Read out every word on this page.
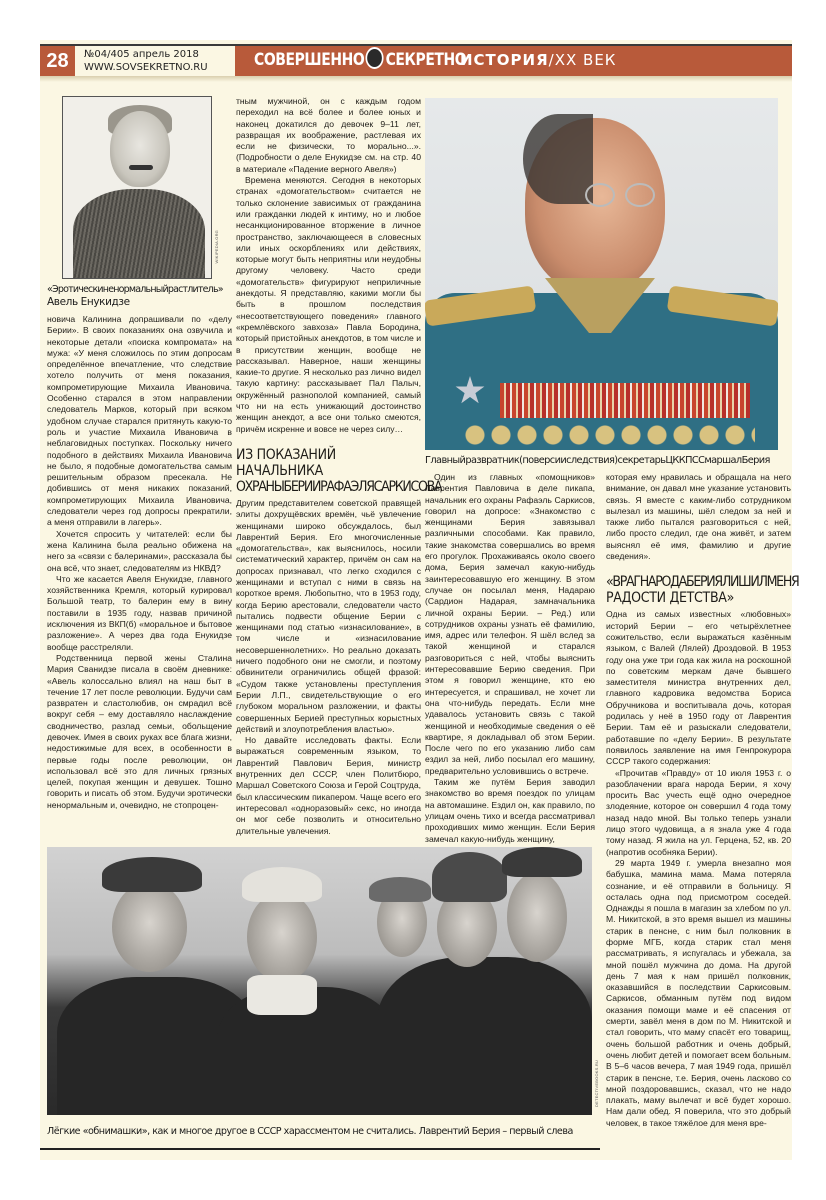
28	№04/405 апрель 2018
WWW.SOVSEKRETNO.RU	СОВЕРШЕННО СЕКРЕТНО
ИСТОРИЯ/XX ВЕК
WIKIPEDIA.ORG
«Эротическиненормальныйрастлитель»
Авель Енукидзе

новича Калинина допрашивали по «делу Берии». В своих показаниях она озвучила и некоторые детали «поиска компромата» на мужа: «У меня сложилось по этим допросам определённое впечатление, что следствие хотело получить от меня показания, компрометирующие Михаила Ивановича. Особенно старался в этом направлении следователь Марков, который при всяком удобном случае старался притянуть какую-то роль и участие Михаила Ивановича в неблаговидных поступках. Поскольку ничего подобного в действиях Михаила Ивановича не было, я подобные домогательства самым решительным образом пресекала. Не добившись от меня никаких показаний, компрометирующих Михаила Ивановича, следователи через год допросы прекратили, а меня отправили в лагерь».

Хочется спросить у читателей: если бы жена Калинина была реально обижена на него за «связи с балеринами», рассказала бы она всё, что знает, следователям из НКВД?

Что же касается Авеля Енукидзе, главного хозяйственника Кремля, который курировал Большой театр, то балерин ему в вину поставили в 1935 году, назвав причиной исключения из ВКП(б) «моральное и бытовое разложение». А через два года Енукидзе вообще расстреляли.

Родственница первой жены Сталина Мария Сванидзе писала в своём дневнике: «Авель колоссально влиял на наш быт в течение 17 лет после революции. Будучи сам развратен и сластолюбив, он смрадил всё вокруг себя – ему доставляло наслаждение сводничество, разлад семьи, обольщение девочек. Имея в своих руках все блага жизни, недостижимые для всех, в особенности в первые годы после революции, он использовал всё это для личных грязных целей, покупая женщин и девушек. Тошно говорить и писать об этом. Будучи эротически ненормальным и, очевидно, не стопроцен-

тным мужчиной, он с каждым годом переходил на всё более и более юных и наконец докатился до девочек 9–11 лет, развращая их воображение, растлевая их если не физически, то морально...». (Подробности о деле Енукидзе см. на стр. 40 в материале «Падение верного Авеля»)

Времена меняются. Сегодня в некоторых странах «домогательством» считается не только склонение зависимых от гражданина или гражданки людей к интиму, но и любое несанкционированное вторжение в личное пространство, заключающееся в словесных или иных оскорблениях или действиях, которые могут быть неприятны или неудобны другому человеку. Часто среди «домогательств» фигурируют неприличные анекдоты. Я представляю, какими могли бы быть в прошлом последствия «несоответствующего поведения» главного «кремлёвского завхоза» Павла Бородина, который пристойных анекдотов, в том числе и в присутствии женщин, вообще не рассказывал. Наверное, наши женщины какие-то другие. Я несколько раз лично видел такую картину: рассказывает Пал Палыч, окружённый разнополой компанией, самый что ни на есть унижающий достоинство женщин анекдот, а все они только смеются, причём искренне и вовсе не через силу…

ИЗ ПОКАЗАНИЙ НАЧАЛЬНИКА
ОХРАНЫБЕРИИРАФАЭЛЯСАРКИСОВА

Другим представителем советской правящей элиты дохрущёвских времён, чьё увлечение женщинами широко обсуждалось, был Лаврентий Берия. Его многочисленные «домогательства», как выяснилось, носили систематический характер, причём он сам на допросах признавал, что легко сходился с женщинами и вступал с ними в связь на короткое время. Любопытно, что в 1953 году, когда Берию арестовали, следователи часто пытались подвести общение Берии с женщинами под статью «изнасилование», в том числе и «изнасилование несовершеннолетних». Но реально доказать ничего подобного они не смогли, и поэтому обвинители ограничились общей фразой: «Судом также установлены преступления Берии Л.П., свидетельствующие о его глубоком моральном разложении, и факты совершенных Берией преступных корыстных действий и злоупотребления властью».

Но давайте исследовать факты. Если выражаться современным языком, то Лаврентий Павлович Берия, министр внутренних дел СССР, член Политбюро, Маршал Советского Союза и Герой Соцтруда, был классическим пикапером. Чаще всего его интересовал «одноразовый» секс, но иногда он мог себе позволить и относительно длительные увлечения.

Главныйразвратник(поверсииследствия)секретарьЦККПССмаршалБерия

Один из главных «помощников» Лаврентия Павловича в деле пикапа, начальник его охраны Рафаэль Саркисов, говорил на допросе: «Знакомство с женщинами Берия завязывал различными способами. Как правило, такие знакомства совершались во время его прогулок. Прохаживаясь около своего дома, Берия замечал какую-нибудь заинтересовавшую его женщину. В этом случае он посылал меня, Надараю (Сардион Надарая, замначальника личной охраны Берии. – Ред.) или сотрудников охраны узнать её фамилию, имя, адрес или телефон. Я шёл вслед за такой женщиной и старался разговориться с ней, чтобы выяснить интересовавшие Берию сведения. При этом я говорил женщине, кто ею интересуется, и спрашивал, не хочет ли она что-нибудь передать. Если мне удавалось установить связь с такой женщиной и необходимые сведения о её квартире, я докладывал об этом Берии. После чего по его указанию либо сам ездил за ней, либо посылал его машину, предварительно условившись о встрече.

Таким же путём Берия заводил знакомство во время поездок по улицам на автомашине. Ездил он, как правило, по улицам очень тихо и всегда рассматривал проходивших мимо женщин. Если Берия замечал какую-нибудь женщину,

которая ему нравилась и обращала на него внимание, он давал мне указание установить связь. Я вместе с каким-либо сотрудником вылезал из машины, шёл следом за ней и также либо пытался разговориться с ней, либо просто следил, где она живёт, и затем выяснял её имя, фамилию и другие сведения».

«ВРАГНАРОДАБЕРИЯЛИШИЛМЕНЯ
РАДОСТИ ДЕТСТВА»

Одна из самых известных «любовных» историй Берии – его четырёхлетнее сожительство, если выражаться казённым языком, с Валей (Лялей) Дроздовой. В 1953 году она уже три года как жила на роскошной по советским меркам даче бывшего заместителя министра внутренних дел, главного кадровика ведомства Бориса Обручникова и воспитывала дочь, которая родилась у неё в 1950 году от Лаврентия Берии. Там её и разыскали следователи, работавшие по «делу Берии». В результате появилось заявление на имя Генпрокурора СССР такого содержания:

«Прочитав «Правду» от 10 июля 1953 г. о разоблачении врага народа Берии, я хочу просить Вас учесть ещё одно очередное злодеяние, которое он совершил 4 года тому назад надо мной. Вы только теперь узнали лицо этого чудовища, а я знала уже 4 года тому назад. Я жила на ул. Герцена, 52, кв. 20 (напротив особняка Берии).

29 марта 1949 г. умерла внезапно моя бабушка, мамина мама. Мама потеряла сознание, и её отправили в больницу. Я осталась одна под присмотром соседей. Однажды я пошла в магазин за хлебом по ул. М. Никитской, в это время вышел из машины старик в пенсне, с ним был полковник в форме МГБ, когда старик стал меня рассматривать, я испугалась и убежала, за мной пошёл мужчина до дома. На другой день 7 мая к нам пришёл полковник, оказавшийся в последствии Саркисовым. Саркисов, обманным путём под видом оказания помощи маме и её спасения от смерти, завёл меня в дом по М. Никитской и стал говорить, что маму спасёт его товарищ, очень большой работник и очень добрый, очень любит детей и помогает всем больным. В 5–6 часов вечера, 7 мая 1949 года, пришёл старик в пенсне, т.е. Берия, очень ласково со мной поздоровавшись, сказал, что не надо плакать, маму вылечат и всё будет хорошо. Нам дали обед. Я поверила, что это добрый человек, в такое тяжёлое для меня вре-

DETECTIVEBOOKS.RU
Лёгкие «обнимашки», как и многое другое в СССР харассментом не считались. Лаврентий Берия – первый слева
